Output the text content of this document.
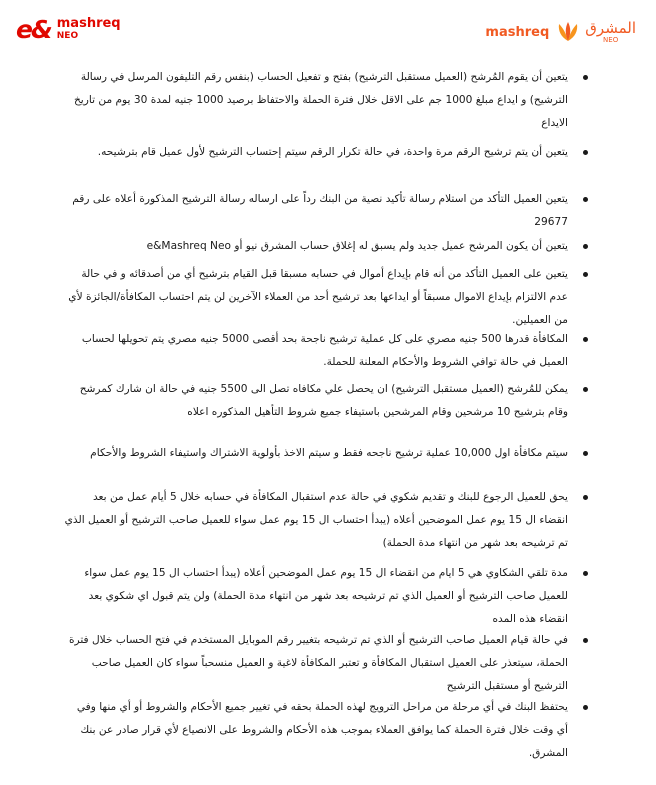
e& mashreq
NEO	mashreq المشرق
NEO
يتعين أن يقوم المُرشح (العميل مستقبل الترشيح) بفتح و تفعيل الحساب (بنفس رقم التليفون المرسل في رسالة الترشيح) و ايداع مبلغ 1000 جم على الاقل خلال فترة الحملة والاحتفاظ برصيد 1000 جنيه لمدة 30 يوم من تاريخ الايداع
يتعين أن يتم ترشيح الرقم مرة واحدة، في حالة تكرار الرقم سيتم إحتساب الترشيح لأول عميل قام بترشيحه.
يتعين العميل التأكد من استلام رسالة تأكيد نصية من البنك رداً على ارساله رسالة الترشيح المذكورة أعلاه على رقم 29677
يتعين أن يكون المرشح عميل جديد ولم يسبق له إغلاق حساب المشرق نيو أو e&Mashreq Neo
يتعين على العميل التأكد من أنه قام بإيداع أموال في حسابه مسبقا قبل القيام بترشيح أي من أصدقائه و في حالة عدم الالتزام بإيداع الاموال مسبقاً أو ايداعها بعد ترشيح أحد من العملاء الآخرين لن يتم احتساب المكافأة/الجائزة لأي من العميلين.
المكافأة قدرها 500 جنيه مصري على كل عملية ترشيح ناجحة بحد أقصى 5000 جنيه مصري يتم تحويلها لحساب العميل في حالة توافي الشروط والأحكام المعلنة للحملة.
يمكن للمُرشح (العميل مستقبل الترشيح) ان يحصل علي مكافاه تصل الى 5500 جنيه في حالة ان شارك كمرشح وقام بترشيح 10 مرشحين وقام المرشحين باستيفاء جميع شروط التأهيل المذكوره اعلاه
سيتم مكافأة اول 10,000 عملية ترشيح ناجحه فقط و سيتم الاخذ بأولوية الاشتراك واستيفاء الشروط والأحكام
يحق للعميل الرجوع للبنك و تقديم شكوي في حالة عدم استقبال المكافأة في حسابه خلال 5 أيام عمل من بعد انقضاء ال 15 يوم عمل الموضحين أعلاه (يبدأ احتساب ال 15 يوم عمل سواء للعميل صاحب الترشيح أو العميل الذي تم ترشيحه بعد شهر من انتهاء مدة الحملة)
مدة تلقي الشكاوي هي 5 ايام من انقضاء ال 15 يوم عمل الموضحين أعلاه (يبدأ احتساب ال 15 يوم عمل سواء للعميل صاحب الترشيح أو العميل الذي تم ترشيحه بعد شهر من انتهاء مدة الحملة) ولن يتم قبول اي شكوي بعد انقضاء هذه المده
في حالة قيام العميل صاحب الترشيح أو الذي تم ترشيحه بتغيير رقم الموبايل المستخدم في فتح الحساب خلال فترة الحملة، سيتعذر على العميل استقبال المكافأة و تعتبر المكافأة لاغية و العميل منسحباً سواء كان العميل صاحب الترشيح أو مستقبل الترشيح
يحتفظ البنك في أي مرحلة من مراحل الترويج لهذه الحملة بحقه في تغيير جميع الأحكام والشروط أو أي منها وفي أي وقت خلال فترة الحملة كما يوافق العملاء بموجب هذه الأحكام والشروط على الانصياع لأي قرار صادر عن بنك المشرق.
